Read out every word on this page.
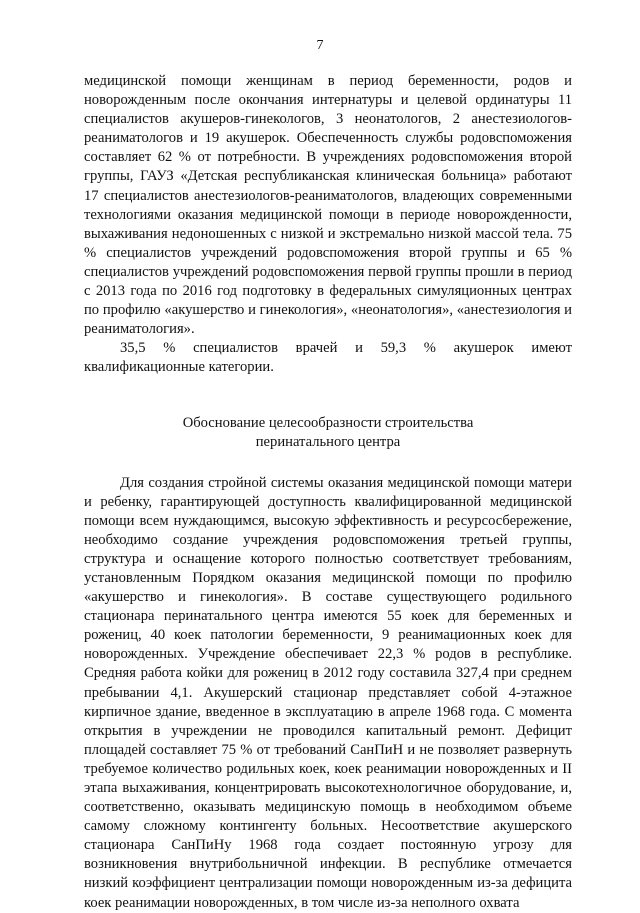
7

медицинской помощи женщинам в период беременности, родов и новорожденным после окончания интернатуры и целевой ординатуры 11 специалистов акушеров-гинекологов, 3 неонатологов, 2 анестезиологов-реаниматологов и 19 акушерок. Обеспеченность службы родовспоможения составляет 62 % от потребности. В учреждениях родовспоможения второй группы, ГАУЗ «Детская республиканская клиническая больница» работают 17 специалистов анестезиологов-реаниматологов, владеющих современными технологиями оказания медицинской помощи в периоде новорожденности, выхаживания недоношенных с низкой и экстремально низкой массой тела. 75 % специалистов учреждений родовспоможения второй группы и 65 % специалистов учреждений родовспоможения первой группы прошли в период с 2013 года по 2016 год подготовку в федеральных симуляционных центрах по профилю «акушерство и гинекология», «неонатология», «анестезиология и реаниматология».

35,5 % специалистов врачей и 59,3 % акушерок имеют квалификационные категории.

Обоснование целесообразности строительства
перинатального центра

Для создания стройной системы оказания медицинской помощи матери и ребенку, гарантирующей доступность квалифицированной медицинской помощи всем нуждающимся, высокую эффективность и ресурсосбережение, необходимо создание учреждения родовспоможения третьей группы, структура и оснащение которого полностью соответствует требованиям, установленным Порядком оказания медицинской помощи по профилю «акушерство и гинекология». В составе существующего родильного стационара перинатального центра имеются 55 коек для беременных и рожениц, 40 коек патологии беременности, 9 реанимационных коек для новорожденных. Учреждение обеспечивает 22,3 % родов в республике. Средняя работа койки для рожениц в 2012 году составила 327,4 при среднем пребывании 4,1. Акушерский стационар представляет собой 4-этажное кирпичное здание, введенное в эксплуатацию в апреле 1968 года. С момента открытия в учреждении не проводился капитальный ремонт. Дефицит площадей составляет 75 % от требований СанПиН и не позволяет развернуть требуемое количество родильных коек, коек реанимации новорожденных и II этапа выхаживания, концентрировать высокотехнологичное оборудование, и, соответственно, оказывать медицинскую помощь в необходимом объеме самому сложному контингенту больных. Несоответствие акушерского стационара СанПиНу 1968 года создает постоянную угрозу для возникновения внутрибольничной инфекции. В республике отмечается низкий коэффициент централизации помощи новорожденным из-за дефицита коек реанимации новорожденных, в том числе из-за неполного охвата
